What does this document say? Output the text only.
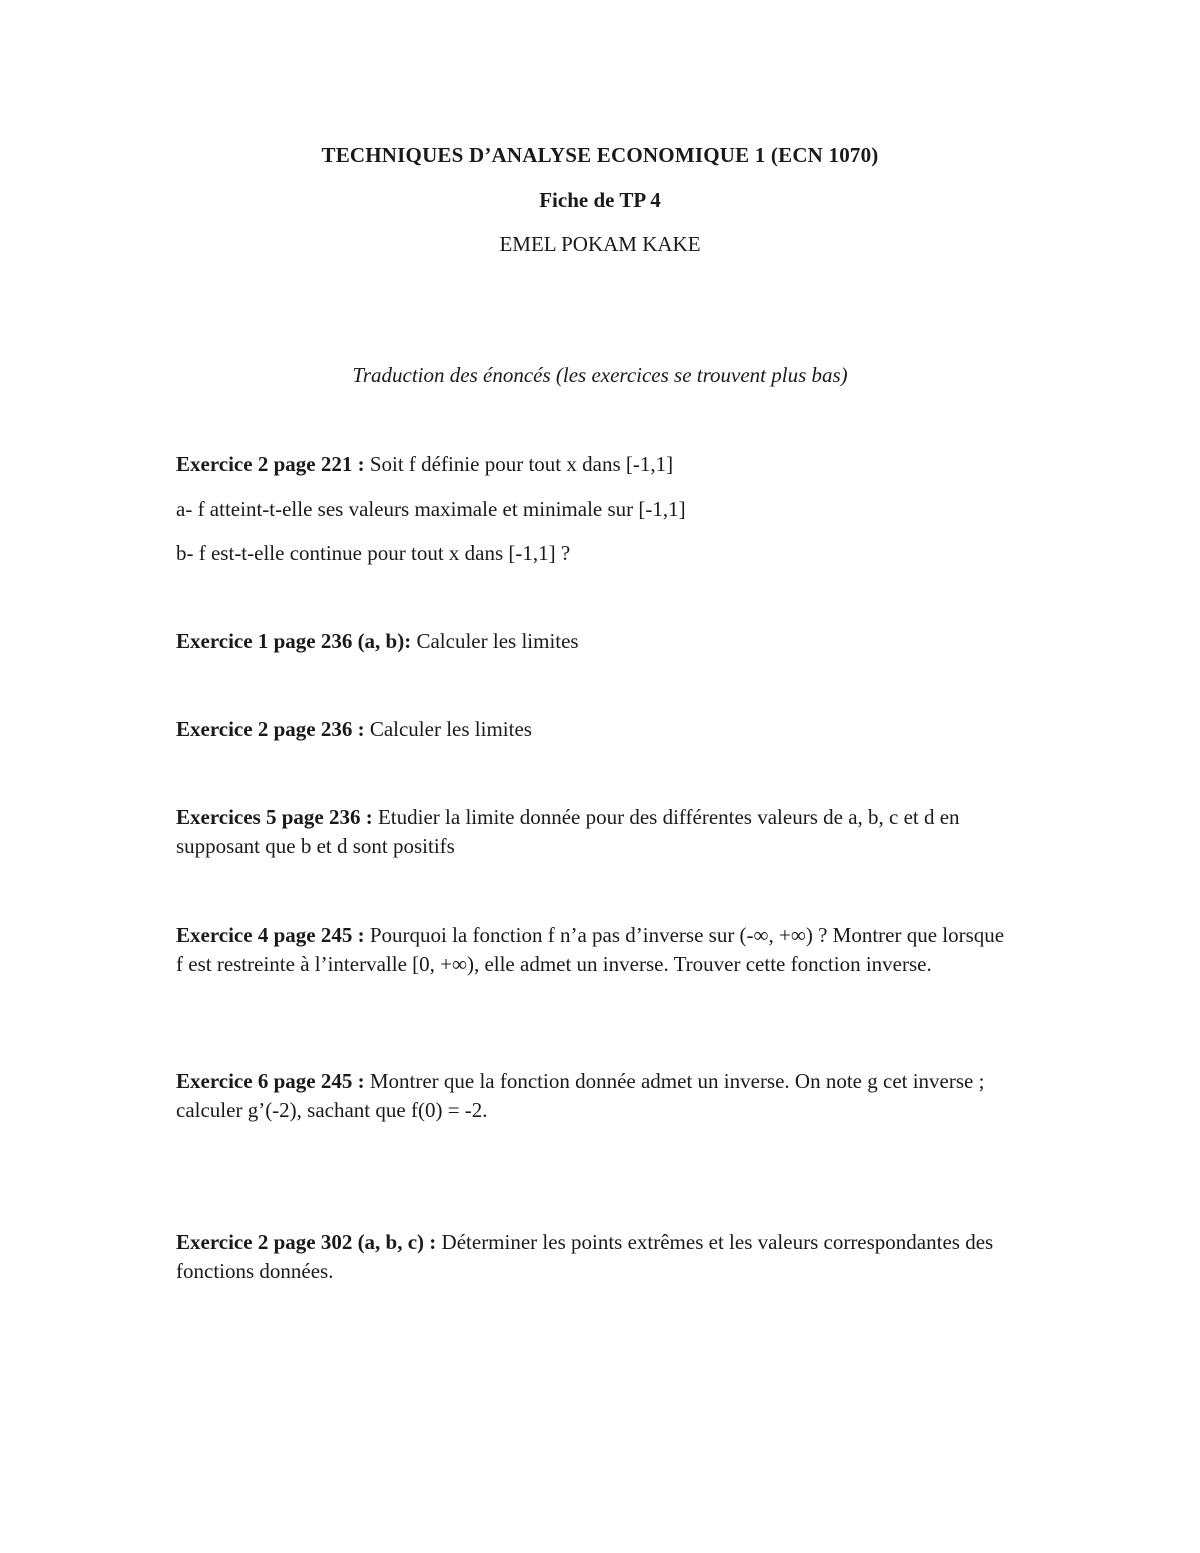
TECHNIQUES D’ANALYSE ECONOMIQUE 1 (ECN 1070)

Fiche de TP 4

EMEL POKAM KAKE

Traduction des énoncés (les exercices se trouvent plus bas)

Exercice 2 page 221 : Soit f définie pour tout x dans [-1,1]

a- f atteint-t-elle ses valeurs maximale et minimale sur [-1,1]

b- f est-t-elle continue pour tout x dans [-1,1] ?

Exercice 1 page 236 (a, b): Calculer les limites

Exercice 2 page 236 : Calculer les limites

Exercices 5 page 236 : Etudier la limite donnée pour des différentes valeurs de a, b, c et d en supposant que b et d sont positifs

Exercice 4 page 245 : Pourquoi la fonction f n’a pas d’inverse sur (-∞, +∞) ? Montrer que lorsque f est restreinte à l’intervalle [0, +∞), elle admet un inverse. Trouver cette fonction inverse.

Exercice 6 page 245 : Montrer que la fonction donnée admet un inverse. On note g cet inverse ; calculer g’(-2), sachant que f(0) = -2.

Exercice 2 page 302 (a, b, c) : Déterminer les points extrêmes et les valeurs correspondantes des fonctions données.
